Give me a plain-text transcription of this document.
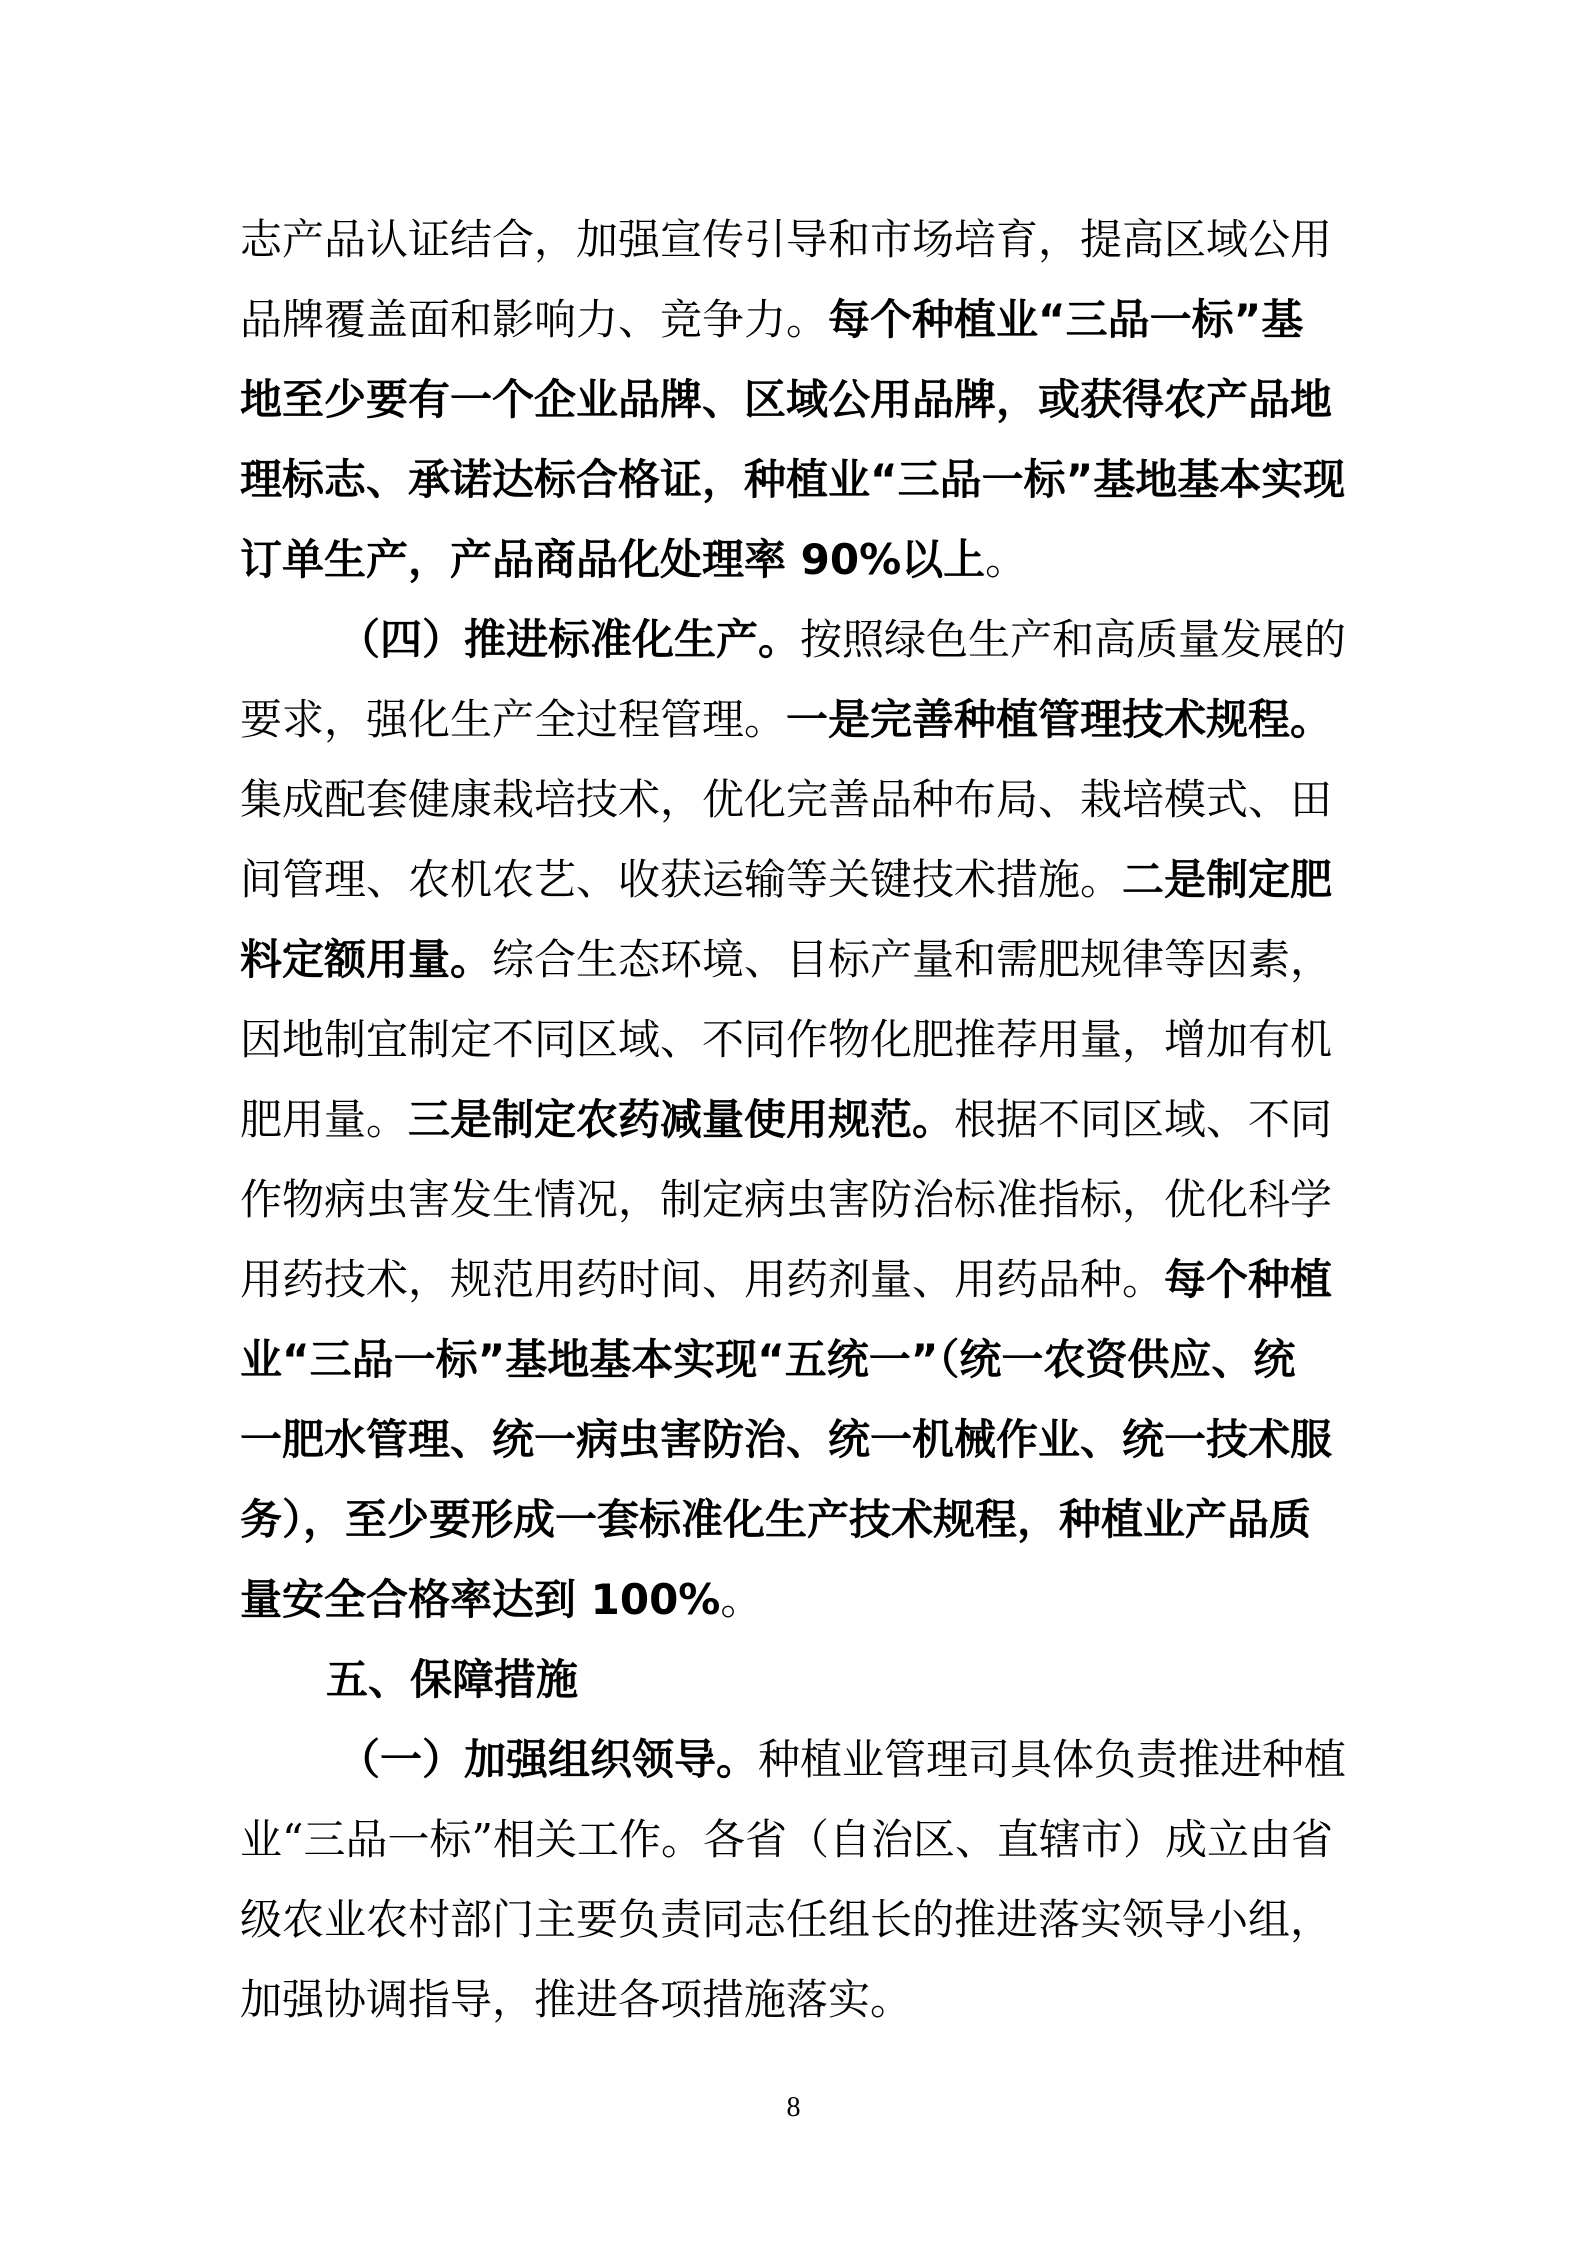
志产品认证结合，加强宣传引导和市场培育，提高区域公用
品牌覆盖面和影响力、竞争力。每个种植业“三品一标”基
地至少要有一个企业品牌、区域公用品牌，或获得农产品地
理标志、承诺达标合格证，种植业“三品一标”基地基本实现
订单生产，产品商品化处理率 90%以上。
（四）推进标准化生产。按照绿色生产和高质量发展的
要求，强化生产全过程管理。一是完善种植管理技术规程。
集成配套健康栽培技术，优化完善品种布局、栽培模式、田
间管理、农机农艺、收获运输等关键技术措施。二是制定肥
料定额用量。综合生态环境、目标产量和需肥规律等因素，
因地制宜制定不同区域、不同作物化肥推荐用量，增加有机
肥用量。三是制定农药减量使用规范。根据不同区域、不同
作物病虫害发生情况，制定病虫害防治标准指标，优化科学
用药技术，规范用药时间、用药剂量、用药品种。每个种植
业“三品一标”基地基本实现“五统一”（统一农资供应、统
一肥水管理、统一病虫害防治、统一机械作业、统一技术服
务），至少要形成一套标准化生产技术规程，种植业产品质
量安全合格率达到 100%。
五、保障措施
（一）加强组织领导。种植业管理司具体负责推进种植
业“三品一标”相关工作。各省（自治区、直辖市）成立由省
级农业农村部门主要负责同志任组长的推进落实领导小组，
加强协调指导，推进各项措施落实。
8
